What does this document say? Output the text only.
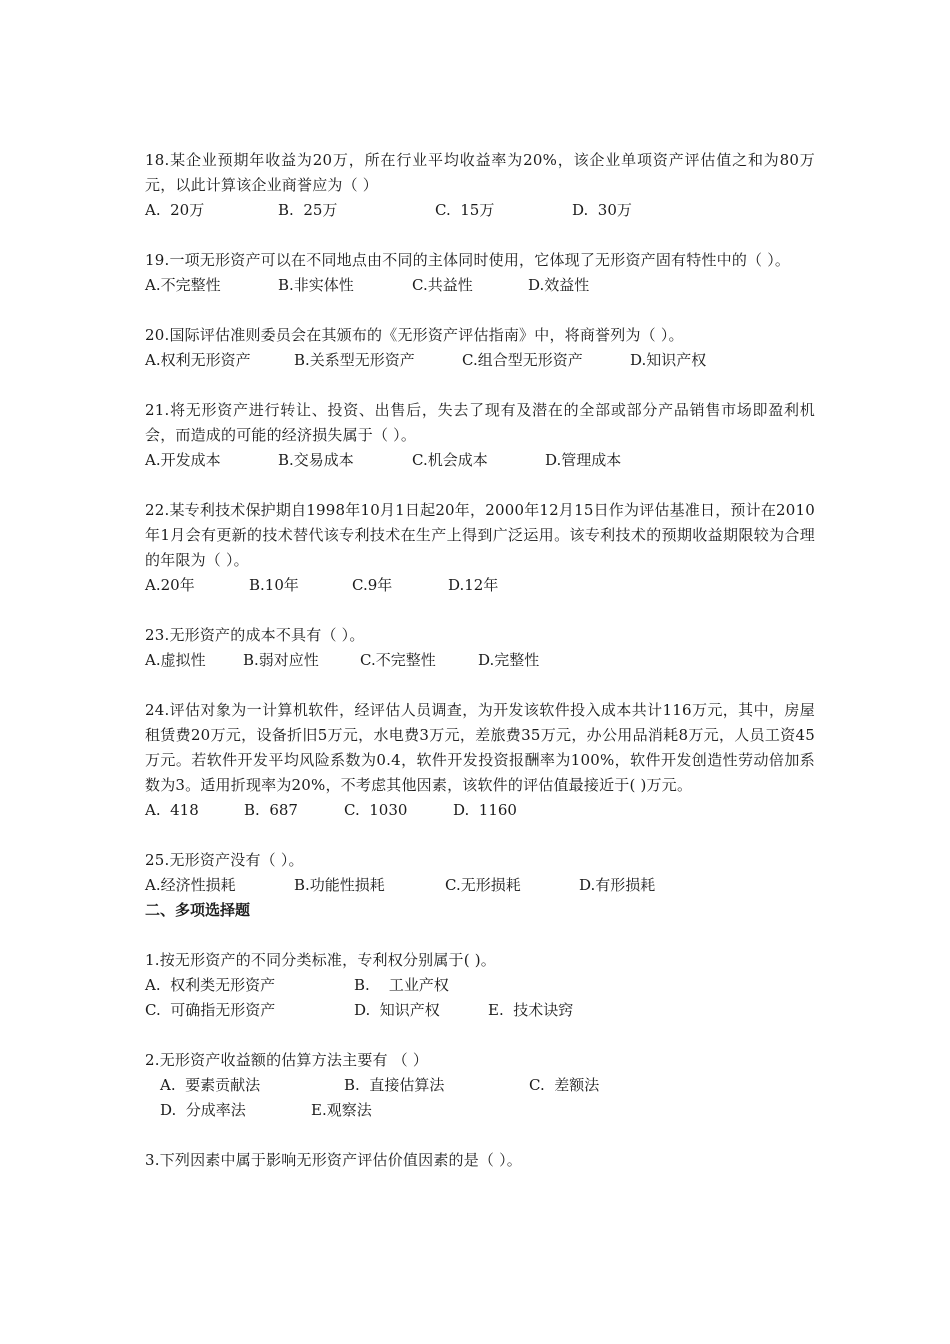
18.某企业预期年收益为20万，所在行业平均收益率为20%，该企业单项资产评估值之和为80万元，以此计算该企业商誉应为（ ）
A.  20万	B.  25万	C.  15万	D.  30万
19.一项无形资产可以在不同地点由不同的主体同时使用，它体现了无形资产固有特性中的（ ）。
A.不完整性	B.非实体性	C.共益性	D.效益性
20.国际评估准则委员会在其颁布的《无形资产评估指南》中，将商誉列为（ ）。
A.权利无形资产	B.关系型无形资产	C.组合型无形资产	D.知识产权
21.将无形资产进行转让、投资、出售后，失去了现有及潜在的全部或部分产品销售市场即盈利机会，而造成的可能的经济损失属于（ ）。
A.开发成本	B.交易成本	C.机会成本	D.管理成本
22.某专利技术保护期自1998年10月1日起20年，2000年12月15日作为评估基准日，预计在2010年1月会有更新的技术替代该专利技术在生产上得到广泛运用。该专利技术的预期收益期限较为合理的年限为（ ）。
A.20年	B.10年	C.9年	D.12年
23.无形资产的成本不具有（ ）。
A.虚拟性	B.弱对应性	C.不完整性	D.完整性
24.评估对象为一计算机软件，经评估人员调查，为开发该软件投入成本共计116万元，其中，房屋租赁费20万元，设备折旧5万元，水电费3万元，差旅费35万元，办公用品消耗8万元，人员工资45万元。若软件开发平均风险系数为0.4，软件开发投资报酬率为100%，软件开发创造性劳动倍加系数为3。适用折现率为20%，不考虑其他因素，该软件的评估值最接近于( )万元。
A.  418	B.  687	C.  1030	D.  1160
25.无形资产没有（ ）。
A.经济性损耗	B.功能性损耗	C.无形损耗	D.有形损耗
二、多项选择题
1.按无形资产的不同分类标准，专利权分别属于( )。
A.  权利类无形资产	B.    工业产权
C.  可确指无形资产	D.  知识产权	E.  技术诀窍
2.无形资产收益额的估算方法主要有 （ ）
A.  要素贡献法	B.  直接估算法	C.  差额法
D.  分成率法	E.观察法
3.下列因素中属于影响无形资产评估价值因素的是（ ）。
